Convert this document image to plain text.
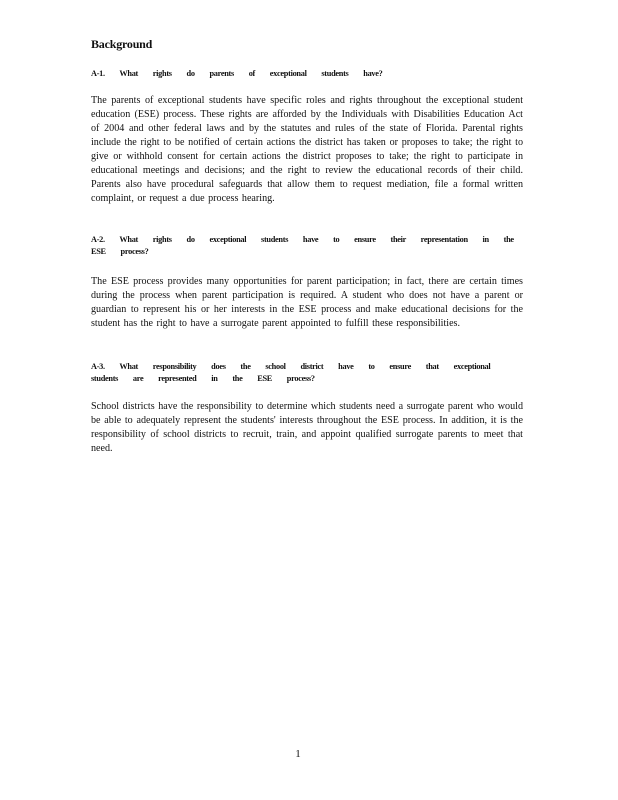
Background
A-1. What rights do parents of exceptional students have?
The parents of exceptional students have specific roles and rights throughout the exceptional student education (ESE) process. These rights are afforded by the Individuals with Disabilities Education Act of 2004 and other federal laws and by the statutes and rules of the state of Florida. Parental rights include the right to be notified of certain actions the district has taken or proposes to take; the right to give or withhold consent for certain actions the district proposes to take; the right to participate in educational meetings and decisions; and the right to review the educational records of their child. Parents also have procedural safeguards that allow them to request mediation, file a formal written complaint, or request a due process hearing.
A-2. What rights do exceptional students have to ensure their representation in the ESE process?
The ESE process provides many opportunities for parent participation; in fact, there are certain times during the process when parent participation is required. A student who does not have a parent or guardian to represent his or her interests in the ESE process and make educational decisions for the student has the right to have a surrogate parent appointed to fulfill these responsibilities.
A-3. What responsibility does the school district have to ensure that exceptional students are represented in the ESE process?
School districts have the responsibility to determine which students need a surrogate parent who would be able to adequately represent the students' interests throughout the ESE process. In addition, it is the responsibility of school districts to recruit, train, and appoint qualified surrogate parents to meet that need.
1
